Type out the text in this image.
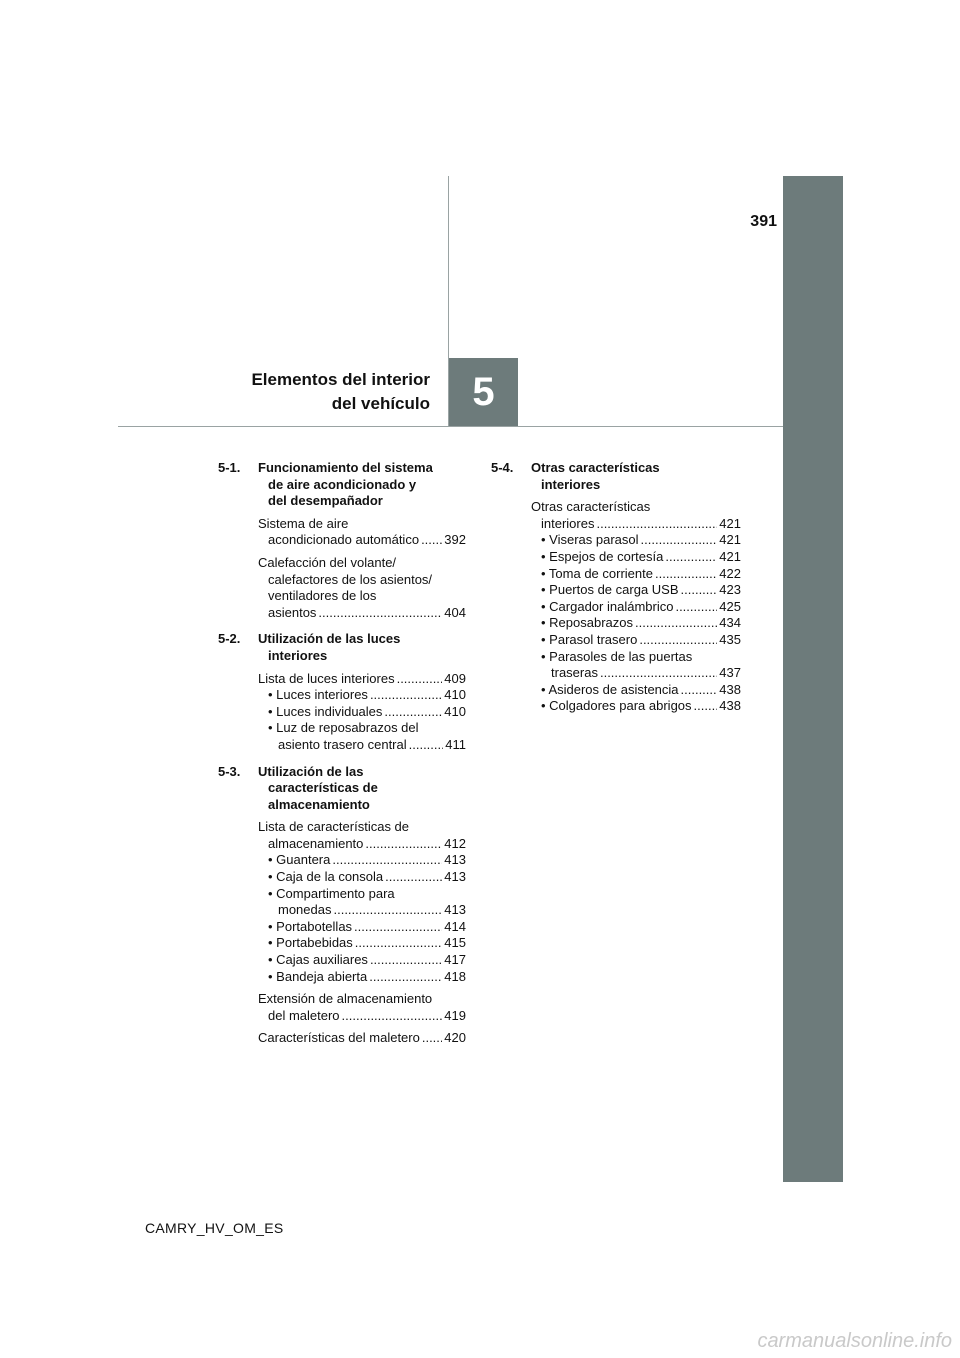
5
391
Elementos del interior
del vehículo
5-1.	Funcionamiento del sistema
de aire acondicionado y
del desempañador
Sistema de aire
acondicionado automático ..... 392
Calefacción del volante/
calefactores de los asientos/
ventiladores de los
asientos .....	404
5-2.	Utilización de las luces
interiores
Lista de luces interiores .....	409
• Luces interiores .....	410
• Luces individuales .....	410
• Luz de reposabrazos del
asiento trasero central .....	411
5-3.	Utilización de las
características de
almacenamiento
Lista de características de
almacenamiento .....	412
• Guantera .....	413
• Caja de la consola .....	413
• Compartimento para
monedas .....	413
• Portabotellas .....	414
• Portabebidas .....	415
• Cajas auxiliares .....	417
• Bandeja abierta .....	418
Extensión de almacenamiento
del maletero .....	419
Características del maletero ..... 420
5-4.	Otras características
interiores
Otras características
interiores .....	421
• Viseras parasol .....	421
• Espejos de cortesía .....	421
• Toma de corriente .....	422
• Puertos de carga USB .....	423
• Cargador inalámbrico .....	425
• Reposabrazos .....	434
• Parasol trasero .....	435
• Parasoles de las puertas
traseras .....	437
• Asideros de asistencia .....	438
• Colgadores para abrigos ..... 438
CAMRY_HV_OM_ES
carmanualsonline.info
